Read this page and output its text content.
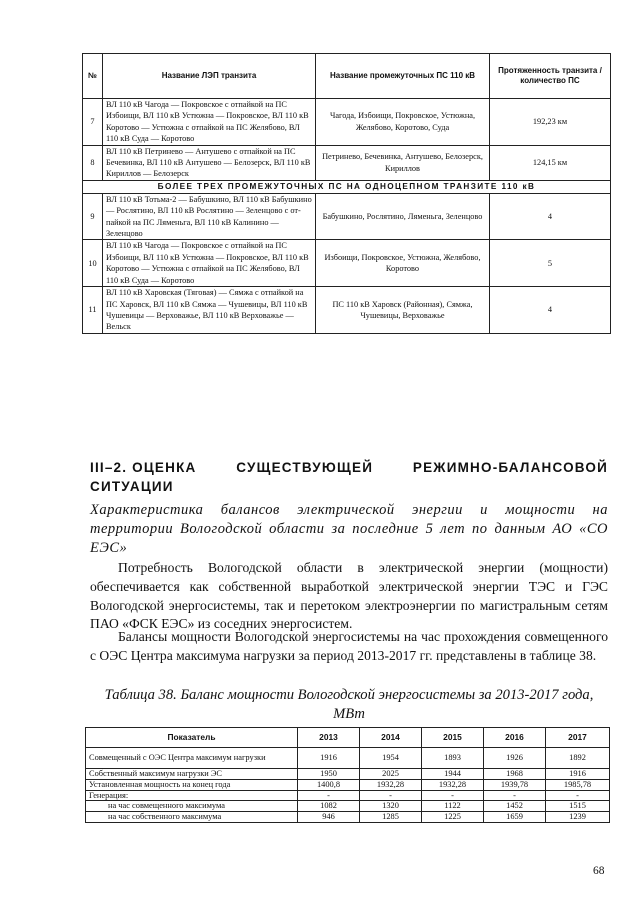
№	Название ЛЭП транзита	Название промежуточных ПС 110 кВ	Протяженность транзита / количество ПС
7	ВЛ 110 кВ Чагода — Покровское с отпайкой на ПС Избоищи, ВЛ 110 кВ Устюжна — Покровское, ВЛ 110 кВ Коротово — Устюжна с отпайкой на ПС Желябово, ВЛ 110 кВ Суда — Коротово	Чагода, Избоищи, Покровское, Устюжна, Желябово, Коротово, Суда	192,23 км
8	ВЛ 110 кВ Петринево — Антушево с отпайкой на ПС Бечевинка, ВЛ 110 кВ Антушево — Белозерск, ВЛ 110 кВ Кириллов — Белозерск	Петринево, Бечевинка, Антушево, Белозерск, Кириллов	124,15 км
БОЛЕЕ ТРЕХ ПРОМЕЖУТОЧНЫХ ПС НА ОДНОЦЕПНОМ ТРАНЗИТЕ 110 кВ			
9	ВЛ 110 кВ Тотьма-2 — Бабушкино, ВЛ 110 кВ Бабушкино — Рослятино, ВЛ 110 кВ Рослятино — Зеленцово с от-пайкой на ПС Ляменьга, ВЛ 110 кВ Калинино — Зеленцово	Бабушкино, Рослятино, Ляменьга, Зеленцово	4
10	ВЛ 110 кВ Чагода — Покровское с отпайкой на ПС Избоищи, ВЛ 110 кВ Устюжна — Покровское, ВЛ 110 кВ Коротово — Устюжна с отпайкой на ПС Желябово, ВЛ 110 кВ Суда — Коротово	Избоищи, Покровское, Устюжна, Желябово, Коротово	5
11	ВЛ 110 кВ Харовская (Тяговая) — Сямжа с отпайкой на ПС Харовск, ВЛ 110 кВ Сямжа — Чушевицы, ВЛ 110 кВ Чушевицы — Верховажье, ВЛ 110 кВ Верховажье — Вельск	ПС 110 кВ Харовск (Районная), Сямжа, Чушевицы, Верховажье	4
III–2. ОЦЕНКА	СУЩЕСТВУЮЩЕЙ	РЕЖИМНО-БАЛАНСОВОЙ
СИТУАЦИИ
Характеристика балансов электрической энергии и мощности на территории Вологодской области за последние 5 лет по данным АО «СО ЕЭС»
Потребность Вологодской области в электрической энергии (мощности) обеспечивается как собственной выработкой электрической энергии ТЭС и ГЭС Вологодской энергосистемы, так и перетоком электроэнергии по магистральным сетям ПАО «ФСК ЕЭС» из соседних энергосистем.
Балансы мощности Вологодской энергосистемы на час прохождения совмещенного с ОЭС Центра максимума нагрузки за период 2013-2017 гг. представлены в таблице 38.
Таблица 38. Баланс мощности Вологодской энергосистемы за 2013-2017 года, МВт
Показатель	2013	2014	2015	2016	2017
Совмещенный с ОЭС Центра максимум нагрузки	1916	1954	1893	1926	1892
Собственный максимум нагрузки ЭС	1950	2025	1944	1968	1916
Установленная мощность на конец года	1400,8	1932,28	1932,28	1939,78	1985,78
Генерация:	-	-	-	-	-
на час совмещенного максимума	1082	1320	1122	1452	1515
на час собственного максимума	946	1285	1225	1659	1239
68
